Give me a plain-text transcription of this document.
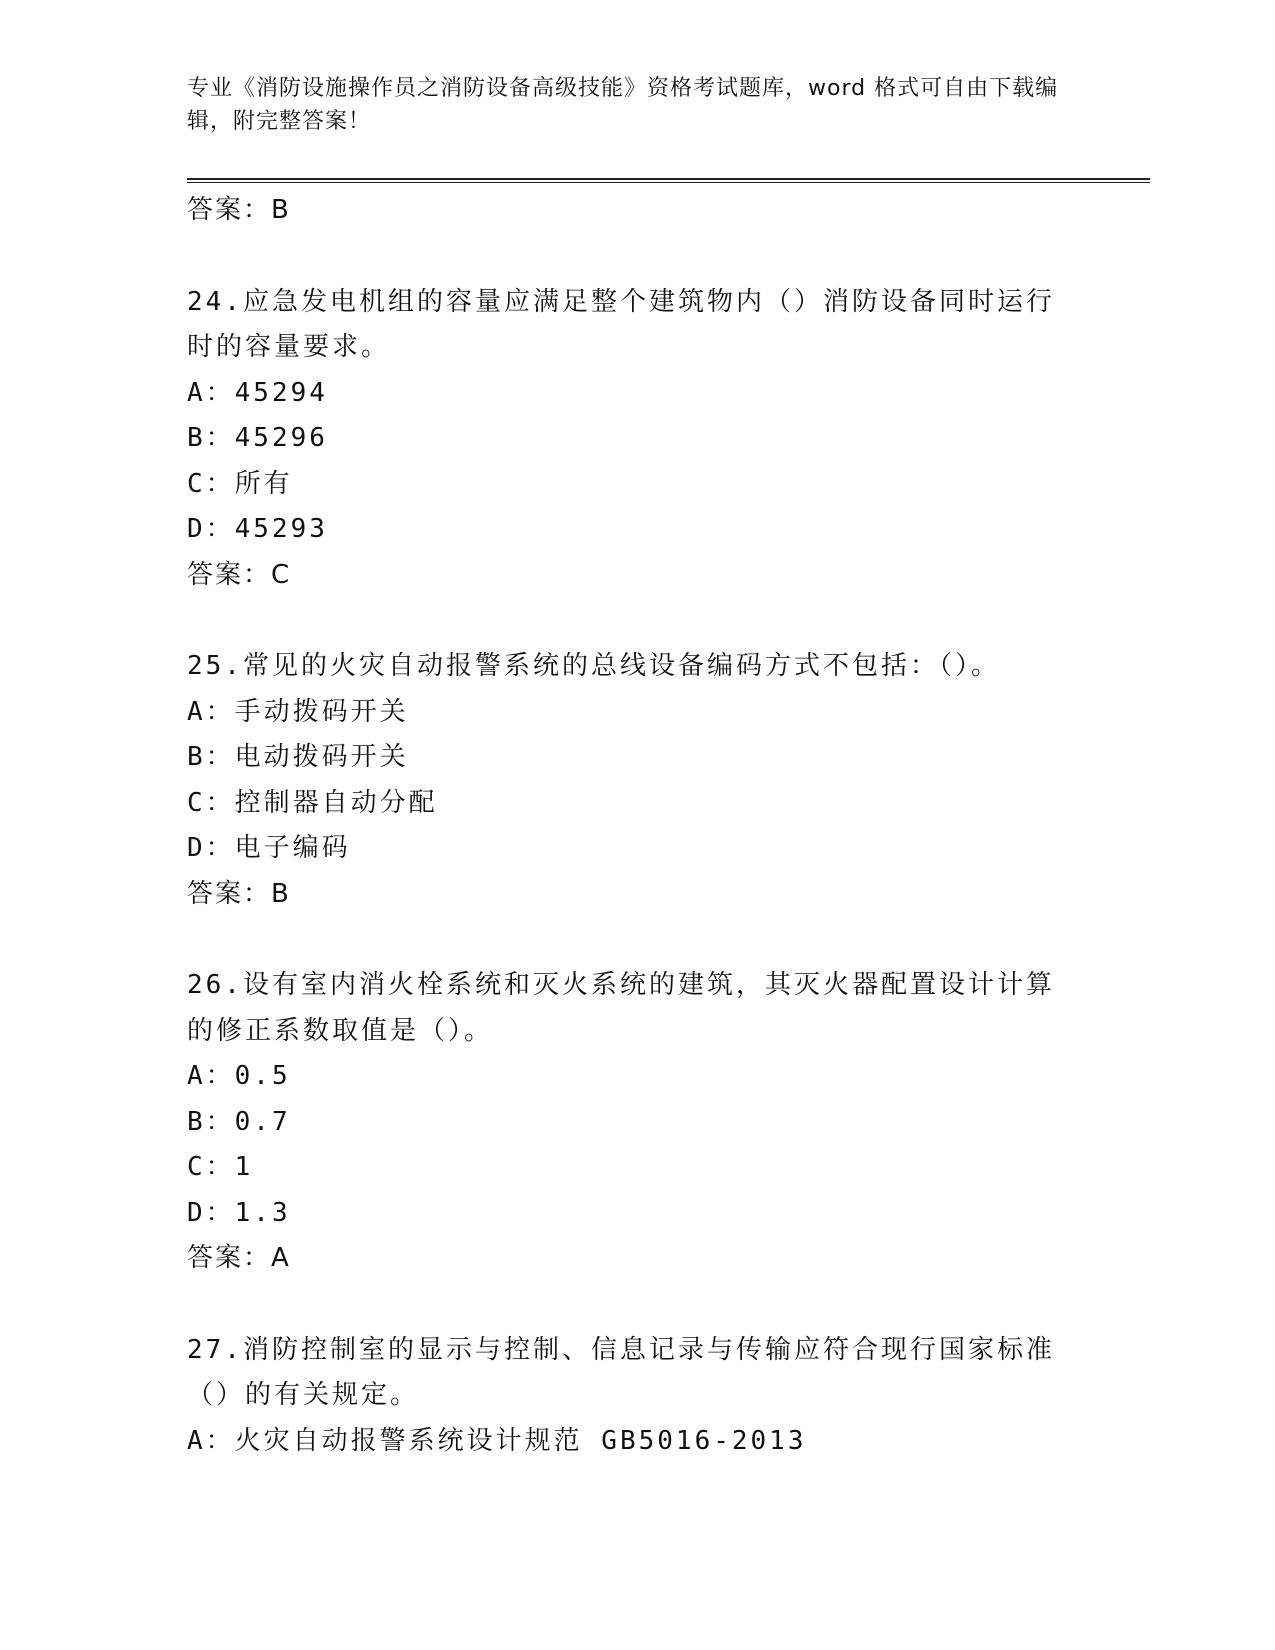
专业《消防设施操作员之消防设备高级技能》资格考试题库，word 格式可自由下载编辑，附完整答案！
答案：B
24.应急发电机组的容量应满足整个建筑物内（）消防设备同时运行时的容量要求。
A：45294
B：45296
C：所有
D：45293
答案：C
25.常见的火灾自动报警系统的总线设备编码方式不包括：（）。
A：手动拨码开关
B：电动拨码开关
C：控制器自动分配
D：电子编码
答案：B
26.设有室内消火栓系统和灭火系统的建筑，其灭火器配置设计计算的修正系数取值是（）。
A：0.5
B：0.7
C：1
D：1.3
答案：A
27.消防控制室的显示与控制、信息记录与传输应符合现行国家标准（）的有关规定。
A：火灾自动报警系统设计规范 GB5016-2013
